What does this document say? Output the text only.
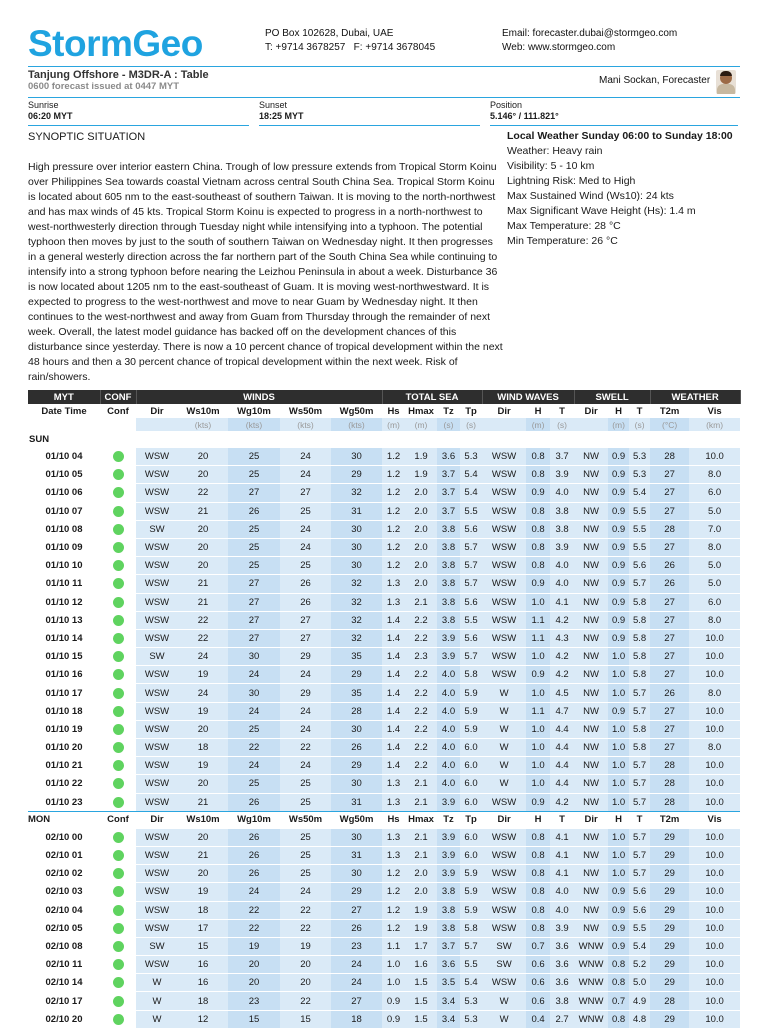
StormGeo	PO Box 102628, Dubai, UAE
T: +9714 3678257   F: +9714 3678045
Email: forecaster.dubai@stormgeo.com
Web: www.stormgeo.com
Tanjung Offshore - M3DR-A : Table
0600 forecast issued at 0447 MYT
Mani Sockan, Forecaster
Sunrise
06:20 MYT
Sunset
18:25 MYT
Position
5.146° / 111.821°
SYNOPTIC SITUATION
High pressure over interior eastern China. Trough of low pressure extends from Tropical Storm Koinu over Philippines Sea towards coastal Vietnam across central South China Sea. Tropical Storm Koinu is located about 605 nm to the east-southeast of southern Taiwan. It is moving to the north-northwest and has max winds of 45 kts. Tropical Storm Koinu is expected to progress in a north-northwest to west-northwesterly direction through Tuesday night while intensifying into a typhoon. The potential typhoon then moves by just to the south of southern Taiwan on Wednesday night. It then progresses in a general westerly direction across the far northern part of the South China Sea while continuing to intensify into a strong typhoon before nearing the Leizhou Peninsula in about a week. Disturbance 36 is now located about 1205 nm to the east-southeast of Guam. It is moving west-northwestward. It is expected to progress to the west-northwest and move to near Guam by Wednesday night. It then continues to the west-northwest and away from Guam from Thursday through the remainder of next week. Overall, the latest model guidance has backed off on the development chances of this disturbance since yesterday. There is now a 10 percent chance of tropical development within the next 48 hours and then a 30 percent chance of tropical development within the next week. Risk of rain/showers.
Local Weather Sunday 06:00 to Sunday 18:00
Weather: Heavy rain
Visibility: 5 - 10 km
Lightning Risk: Med to High
Max Sustained Wind (Ws10): 24 kts
Max Significant Wave Height (Hs): 1.4 m
Max Temperature: 28 °C
Min Temperature: 26 °C
MYT	CONF	WINDS					TOTAL SEA				WIND WAVES			SWELL			WEATHER	
Date Time	Conf	Dir	Ws10m	Wg10m	Ws50m	Wg50m	Hs	Hmax	Tz	Tp	Dir	H	T	Dir	H	T	T2m	Vis
			(kts)	(kts)	(kts)	(kts)	(m)	(m)	(s)	(s)		(m)	(s)		(m)	(s)	(°C)	(km)
SUN																		
01/10 04		WSW	20	25	24	30	1.2	1.9	3.6	5.3	WSW	0.8	3.7	NW	0.9	5.3	28	10.0
01/10 05		WSW	20	25	24	29	1.2	1.9	3.7	5.4	WSW	0.8	3.9	NW	0.9	5.3	27	8.0
01/10 06		WSW	22	27	27	32	1.2	2.0	3.7	5.4	WSW	0.9	4.0	NW	0.9	5.4	27	6.0
01/10 07		WSW	21	26	25	31	1.2	2.0	3.7	5.5	WSW	0.8	3.8	NW	0.9	5.5	27	5.0
01/10 08		SW	20	25	24	30	1.2	2.0	3.8	5.6	WSW	0.8	3.8	NW	0.9	5.5	28	7.0
01/10 09		WSW	20	25	24	30	1.2	2.0	3.8	5.7	WSW	0.8	3.9	NW	0.9	5.5	27	8.0
01/10 10		WSW	20	25	25	30	1.2	2.0	3.8	5.7	WSW	0.8	4.0	NW	0.9	5.6	26	5.0
01/10 11		WSW	21	27	26	32	1.3	2.0	3.8	5.7	WSW	0.9	4.0	NW	0.9	5.7	26	5.0
01/10 12		WSW	21	27	26	32	1.3	2.1	3.8	5.6	WSW	1.0	4.1	NW	0.9	5.8	27	6.0
01/10 13		WSW	22	27	27	32	1.4	2.2	3.8	5.5	WSW	1.1	4.2	NW	0.9	5.8	27	8.0
01/10 14		WSW	22	27	27	32	1.4	2.2	3.9	5.6	WSW	1.1	4.3	NW	0.9	5.8	27	10.0
01/10 15		SW	24	30	29	35	1.4	2.3	3.9	5.7	WSW	1.0	4.2	NW	1.0	5.8	27	10.0
01/10 16		WSW	19	24	24	29	1.4	2.2	4.0	5.8	WSW	0.9	4.2	NW	1.0	5.8	27	10.0
01/10 17		WSW	24	30	29	35	1.4	2.2	4.0	5.9	W	1.0	4.5	NW	1.0	5.7	26	8.0
01/10 18		WSW	19	24	24	28	1.4	2.2	4.0	5.9	W	1.1	4.7	NW	0.9	5.7	27	10.0
01/10 19		WSW	20	25	24	30	1.4	2.2	4.0	5.9	W	1.0	4.4	NW	1.0	5.8	27	10.0
01/10 20		WSW	18	22	22	26	1.4	2.2	4.0	6.0	W	1.0	4.4	NW	1.0	5.8	27	8.0
01/10 21		WSW	19	24	24	29	1.4	2.2	4.0	6.0	W	1.0	4.4	NW	1.0	5.7	28	10.0
01/10 22		WSW	20	25	25	30	1.3	2.1	4.0	6.0	W	1.0	4.4	NW	1.0	5.7	28	10.0
01/10 23		WSW	21	26	25	31	1.3	2.1	3.9	6.0	WSW	0.9	4.2	NW	1.0	5.7	28	10.0
MON	Conf	Dir	Ws10m	Wg10m	Ws50m	Wg50m	Hs	Hmax	Tz	Tp	Dir	H	T	Dir	H	T	T2m	Vis
02/10 00		WSW	20	26	25	30	1.3	2.1	3.9	6.0	WSW	0.8	4.1	NW	1.0	5.7	29	10.0
02/10 01		WSW	21	26	25	31	1.3	2.1	3.9	6.0	WSW	0.8	4.1	NW	1.0	5.7	29	10.0
02/10 02		WSW	20	26	25	30	1.2	2.0	3.9	5.9	WSW	0.8	4.1	NW	1.0	5.7	29	10.0
02/10 03		WSW	19	24	24	29	1.2	2.0	3.8	5.9	WSW	0.8	4.0	NW	0.9	5.6	29	10.0
02/10 04		WSW	18	22	22	27	1.2	1.9	3.8	5.9	WSW	0.8	4.0	NW	0.9	5.6	29	10.0
02/10 05		WSW	17	22	22	26	1.2	1.9	3.8	5.8	WSW	0.8	3.9	NW	0.9	5.5	29	10.0
02/10 08		SW	15	19	19	23	1.1	1.7	3.7	5.7	SW	0.7	3.6	WNW	0.9	5.4	29	10.0
02/10 11		WSW	16	20	20	24	1.0	1.6	3.6	5.5	SW	0.6	3.6	WNW	0.8	5.2	29	10.0
02/10 14		W	16	20	20	24	1.0	1.5	3.5	5.4	WSW	0.6	3.6	WNW	0.8	5.0	29	10.0
02/10 17		W	18	23	22	27	0.9	1.5	3.4	5.3	W	0.6	3.8	WNW	0.7	4.9	28	10.0
02/10 20		W	12	15	15	18	0.9	1.5	3.4	5.3	W	0.4	2.7	WNW	0.8	4.8	29	10.0
